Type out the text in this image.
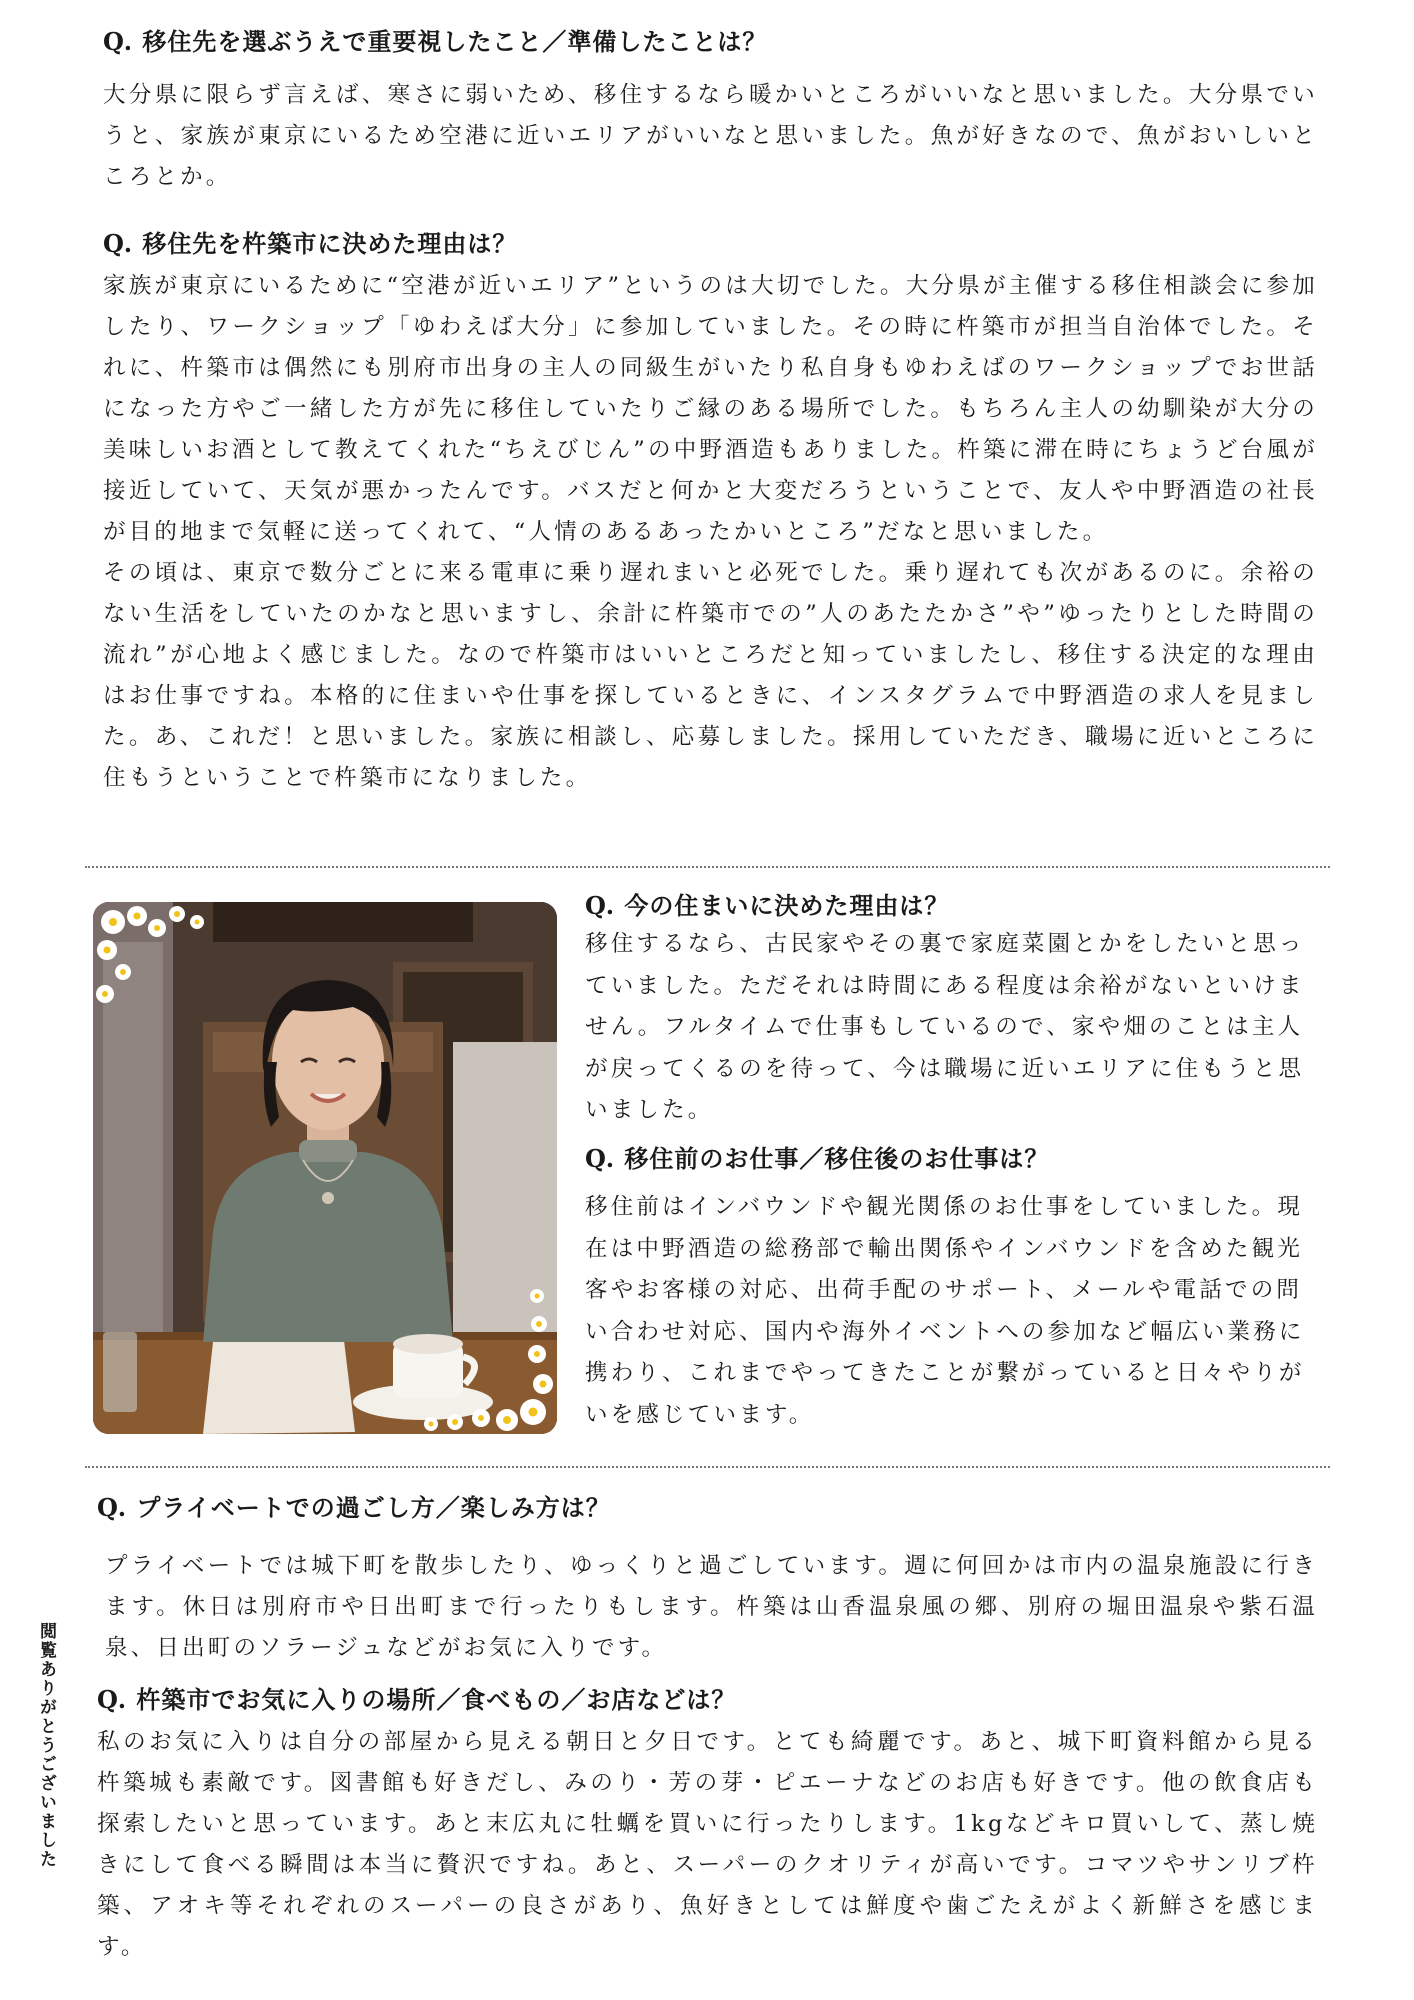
Q. 移住先を選ぶうえで重要視したこと／準備したことは？

大分県に限らず言えば、寒さに弱いため、移住するなら暖かいところがいいなと思いました。大分県でいうと、家族が東京にいるため空港に近いエリアがいいなと思いました。魚が好きなので、魚がおいしいところとか。

Q. 移住先を杵築市に決めた理由は？

家族が東京にいるために“空港が近いエリア”というのは大切でした。大分県が主催する移住相談会に参加したり、ワークショップ「ゆわえば大分」に参加していました。その時に杵築市が担当自治体でした。それに、杵築市は偶然にも別府市出身の主人の同級生がいたり私自身もゆわえばのワークショップでお世話になった方やご一緒した方が先に移住していたりご縁のある場所でした。もちろん主人の幼馴染が大分の美味しいお酒として教えてくれた“ちえびじん”の中野酒造もありました。杵築に滞在時にちょうど台風が接近していて、天気が悪かったんです。バスだと何かと大変だろうということで、友人や中野酒造の社長が目的地まで気軽に送ってくれて、“人情のあるあったかいところ”だなと思いました。

その頃は、東京で数分ごとに来る電車に乗り遅れまいと必死でした。乗り遅れても次があるのに。余裕のない生活をしていたのかなと思いますし、余計に杵築市での”人のあたたかさ”や”ゆったりとした時間の流れ”が心地よく感じました。なので杵築市はいいところだと知っていましたし、移住する決定的な理由はお仕事ですね。本格的に住まいや仕事を探しているときに、インスタグラムで中野酒造の求人を見ました。あ、これだ！と思いました。家族に相談し、応募しました。採用していただき、職場に近いところに住もうということで杵築市になりました。

Q. 今の住まいに決めた理由は？

移住するなら、古民家やその裏で家庭菜園とかをしたいと思っていました。ただそれは時間にある程度は余裕がないといけません。フルタイムで仕事もしているので、家や畑のことは主人が戻ってくるのを待って、今は職場に近いエリアに住もうと思いました。

Q. 移住前のお仕事／移住後のお仕事は？

移住前はインバウンドや観光関係のお仕事をしていました。現在は中野酒造の総務部で輸出関係やインバウンドを含めた観光客やお客様の対応、出荷手配のサポート、メールや電話での問い合わせ対応、国内や海外イベントへの参加など幅広い業務に携わり、これまでやってきたことが繋がっていると日々やりがいを感じています。

Q. プライベートでの過ごし方／楽しみ方は？

プライベートでは城下町を散歩したり、ゆっくりと過ごしています。週に何回かは市内の温泉施設に行きます。休日は別府市や日出町まで行ったりもします。杵築は山香温泉風の郷、別府の堀田温泉や紫石温泉、日出町のソラージュなどがお気に入りです。

Q. 杵築市でお気に入りの場所／食べもの／お店などは？

私のお気に入りは自分の部屋から見える朝日と夕日です。とても綺麗です。あと、城下町資料館から見る杵築城も素敵です。図書館も好きだし、みのり・芳の芽・ピエーナなどのお店も好きです。他の飲食店も探索したいと思っています。あと末広丸に牡蠣を買いに行ったりします。1kgなどキロ買いして、蒸し焼きにして食べる瞬間は本当に贅沢ですね。あと、スーパーのクオリティが高いです。コマツやサンリブ杵築、アオキ等それぞれのスーパーの良さがあり、魚好きとしては鮮度や歯ごたえがよく新鮮さを感じます。

閲覧ありがとうございました
